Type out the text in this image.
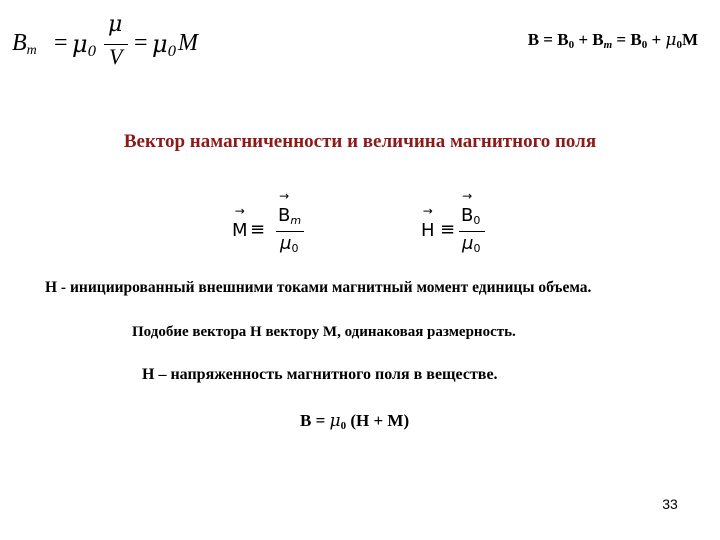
$B_m = \mu_0$
μ
V
= $\mu_0$ M	$B = B_0 + B_m = B_0 + \mu_0M$
Вектор намагниченности и величина магнитного поля
→ M ≡
→ $B_m$
$\mu_0$
→ H ≡
→ $B_0$
$\mu_0$
H - инициированный внешними токами магнитный момент единицы объема.
Подобие вектора H вектору M, одинаковая размерность.
H – напряженность магнитного поля в веществе.
$B = \mu_0$ (H + M)
33
